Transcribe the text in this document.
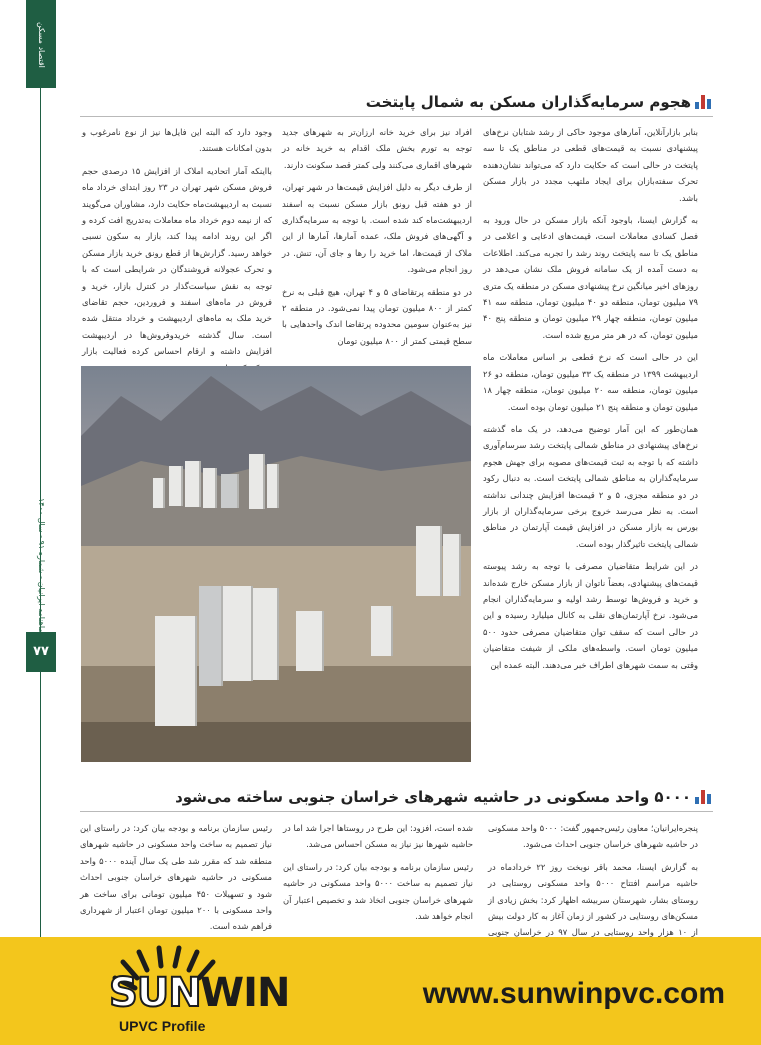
اقتصاد مسکن
ماهنامه ایرانیان - شماره ۹۱ - سال ۱۴۰۰
۷۷
هجوم سرمایه‌گذاران مسکن به شمال پایتخت

بنابر بازارآنلاین، آمارهای موجود حاکی از رشد شتابان نرخ‌های پیشنهادی نسبت به قیمت‌های قطعی در مناطق یک تا سه پایتخت در حالی است که حکایت دارد که می‌تواند نشان‌دهنده تحرک سفته‌بازان برای ایجاد ملتهب مجدد در بازار مسکن باشد.

به گزارش ایسنا، باوجود آنکه بازار مسکن در حال ورود به فصل کسادی معاملات است، قیمت‌های ادعایی و اعلامی در مناطق یک تا سه پایتخت روند رشد را تجربه می‌کند. اطلاعات به دست آمده از یک سامانه فروش ملک نشان می‌دهد در روزهای اخیر میانگین نرخ پیشنهادی مسکن در منطقه یک متری ۷۹ میلیون تومان، منطقه دو ۴۰ میلیون تومان، منطقه سه ۴۱ میلیون تومان، منطقه چهار ۲۹ میلیون تومان و منطقه پنج ۴۰ میلیون تومان، که در هر متر مربع شده است.

این در حالی است که نرخ قطعی بر اساس معاملات ماه اردیبهشت ۱۳۹۹ در منطقه یک ۳۳ میلیون تومان، منطقه دو ۲۶ میلیون تومان، منطقه سه ۲۰ میلیون تومان، منطقه چهار ۱۸ میلیون تومان و منطقه پنج ۲۱ میلیون تومان بوده است.

همان‌طور که این آمار توضیح می‌دهد، در یک ماه گذشته نرخ‌های پیشنهادی در مناطق شمالی پایتخت رشد سرسام‌آوری داشته که با توجه به ثبت قیمت‌های مصوبه برای جهش هجوم سرمایه‌گذاران به مناطق شمالی پایتخت است. به دنبال رکود در دو منطقه مجزی، ۵ و ۲ قیمت‌ها افزایش چندانی نداشته است. به نظر می‌رسد خروج برخی سرمایه‌گذاران از بازار بورس به بازار مسکن در افزایش قیمت آپارتمان در مناطق شمالی پایتخت تاثیرگذار بوده است.

در این شرایط متقاضیان مصرفی با توجه به رشد پیوسته قیمت‌های پیشنهادی، بعضاً ناتوان از بازار مسکن خارج شده‌اند و خرید و فروش‌ها توسط رشد اولیه و سرمایه‌گذاران انجام می‌شود. نرخ آپارتمان‌های نقلی به کانال میلیارد رسیده و این در حالی است که سقف توان متقاضیان مصرفی حدود ۵۰۰ میلیون تومان است. واسطه‌های ملکی از شیفت متقاضیان وقتی به سمت شهرهای اطراف خبر می‌دهند. البته عمده این

افراد نیز برای خرید خانه ارزان‌تر به شهرهای جدید توجه به تورم بخش ملک اقدام به خرید خانه در شهرهای اقماری می‌کنند ولی کمتر قصد سکونت دارند.

از طرف دیگر به دلیل افزایش قیمت‌ها در شهر تهران، از دو هفته قبل رونق بازار مسکن نسبت به اسفند اردیبهشت‌ماه کند شده است. با توجه به سرمایه‌گذاری و آگهی‌های فروش ملک، عمده آمارها، آمارها از این ملاک از قیمت‌ها، اما خرید را رها و جای آن، تنش. در روز انجام می‌شود.

در دو منطقه پرتقاضای ۵ و ۴ تهران، هیچ قبلی به نرخ کمتر از ۸۰۰ میلیون تومان پیدا نمی‌شود. در منطقه ۲ نیز به‌عنوان سومین محدوده پرتقاضا اندک واحدهایی با سطح قیمتی کمتر از ۸۰۰ میلیون تومان

وجود دارد که البته این فایل‌ها نیز از نوع نامرغوب و بدون امکانات هستند.

بااینکه آمار اتحادیه املاک از افزایش ۱۵ درصدی حجم فروش مسکن شهر تهران در ۲۳ روز ابتدای خرداد ماه نسبت به اردیبهشت‌ماه حکایت دارد، مشاوران می‌گویند که از نیمه دوم خرداد ماه معاملات به‌تدریج افت کرده و اگر این روند ادامه پیدا کند، بازار به سکون نسبی خواهد رسید. گزارش‌ها از قطع رونق خرید بازار مسکن و تحرک عجولانه فروشندگان در شرایطی است که با توجه به نقش سیاست‌گذار در کنترل بازار، خرید و فروش در ماه‌های اسفند و فروردین، حجم تقاضای خرید ملک به ماه‌های اردیبهشت و خرداد منتقل شده است. سال گذشته خریدوفروش‌ها در اردیبهشت افزایش داشته و ارقام احساس کرده فعالیت بازار

۵۰۰۰ واحد مسکونی در حاشیه شهرهای خراسان جنوبی ساخته می‌شود

پنجره‌ایرانیان؛ معاون رئیس‌جمهور گفت: ۵۰۰۰ واحد مسکونی در حاشیه شهرهای خراسان جنوبی احداث می‌شود.

به گزارش ایسنا، محمد باقر نوبخت روز ۲۲ خردادماه در حاشیه مراسم افتتاح ۵۰۰۰ واحد مسکونی روستایی در روستای بشار، شهرستان سربیشه اظهار کرد: بخش زیادی از مسکن‌های روستایی در کشور از زمان آغاز به کار دولت بیش از ۱۰ هزار واحد روستایی در سال ۹۷ در خراسان جنوبی

شده است، افزود: این طرح در روستاها اجرا شد اما در حاشیه شهرها نیز نیاز به مسکن احساس می‌شد.

رئیس سازمان برنامه و بودجه بیان کرد: در راستای این نیاز تصمیم به ساخت ۵۰۰۰ واحد مسکونی در حاشیه شهرهای خراسان جنوبی اتخاذ شد و تخصیص اعتبار آن انجام خواهد شد.

رئیس سازمان برنامه و بودجه بیان کرد: در راستای این نیاز تصمیم به ساخت واحد مسکونی در حاشیه شهرهای منطقه شد که مقرر شد طی یک سال آینده ۵۰۰۰ واحد مسکونی در حاشیه شهرهای خراسان جنوبی احداث شود و تسهیلات ۴۵۰ میلیون تومانی برای ساخت هر واحد مسکونی با ۲۰۰ میلیون تومان اعتبار از شهرداری فراهم شده است.

SUN WIN
UPVC Profile
www.sunwinpvc.com
